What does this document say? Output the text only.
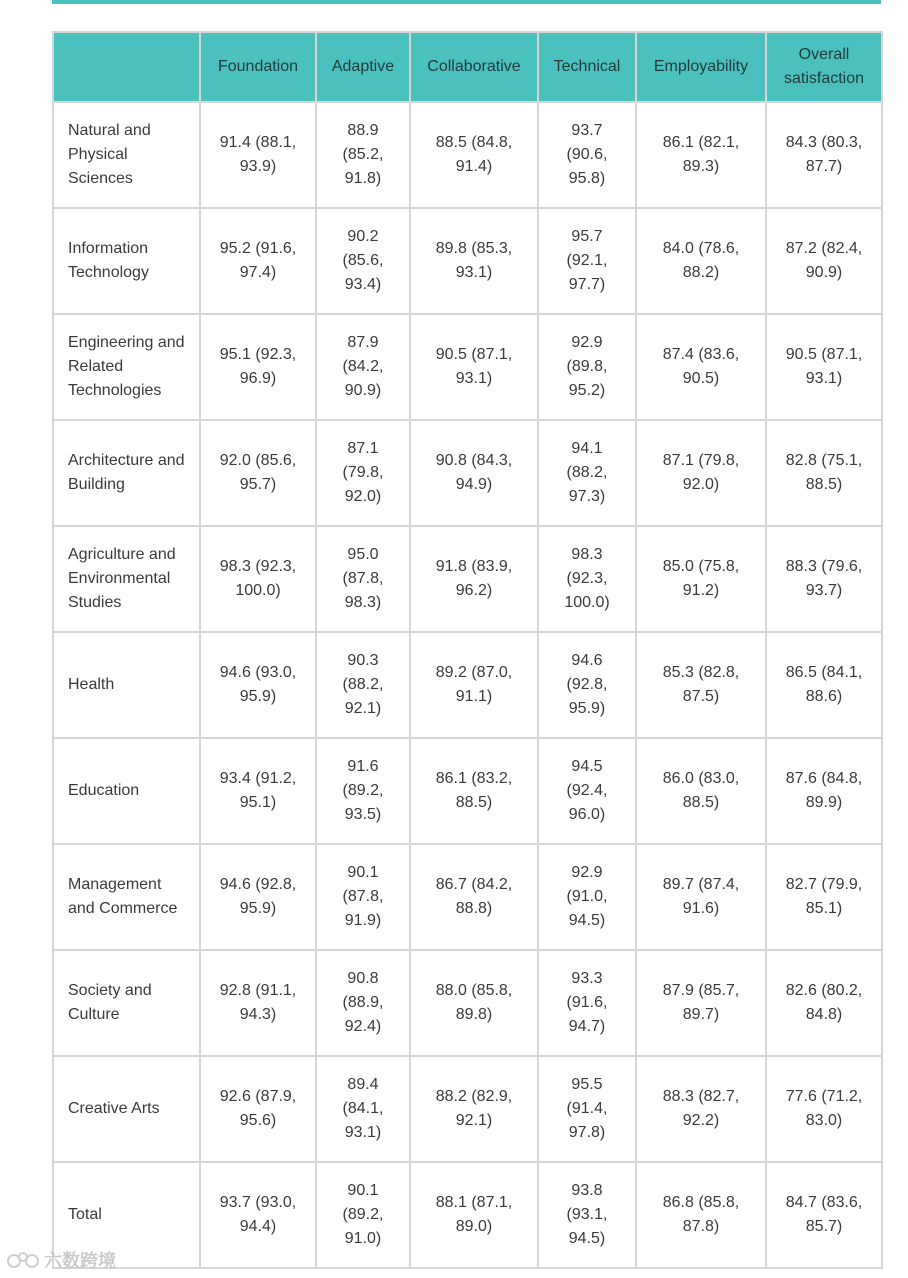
	Foundation	Adaptive	Collaborative	Technical	Employability	Overall satisfaction
Natural and Physical Sciences	91.4 (88.1, 93.9)	88.9 (85.2, 91.8)	88.5 (84.8, 91.4)	93.7 (90.6, 95.8)	86.1 (82.1, 89.3)	84.3 (80.3, 87.7)
Information Technology	95.2 (91.6, 97.4)	90.2 (85.6, 93.4)	89.8 (85.3, 93.1)	95.7 (92.1, 97.7)	84.0 (78.6, 88.2)	87.2 (82.4, 90.9)
Engineering and Related Technologies	95.1 (92.3, 96.9)	87.9 (84.2, 90.9)	90.5 (87.1, 93.1)	92.9 (89.8, 95.2)	87.4 (83.6, 90.5)	90.5 (87.1, 93.1)
Architecture and Building	92.0 (85.6, 95.7)	87.1 (79.8, 92.0)	90.8 (84.3, 94.9)	94.1 (88.2, 97.3)	87.1 (79.8, 92.0)	82.8 (75.1, 88.5)
Agriculture and Environmental Studies	98.3 (92.3, 100.0)	95.0 (87.8, 98.3)	91.8 (83.9, 96.2)	98.3 (92.3, 100.0)	85.0 (75.8, 91.2)	88.3 (79.6, 93.7)
Health	94.6 (93.0, 95.9)	90.3 (88.2, 92.1)	89.2 (87.0, 91.1)	94.6 (92.8, 95.9)	85.3 (82.8, 87.5)	86.5 (84.1, 88.6)
Education	93.4 (91.2, 95.1)	91.6 (89.2, 93.5)	86.1 (83.2, 88.5)	94.5 (92.4, 96.0)	86.0 (83.0, 88.5)	87.6 (84.8, 89.9)
Management and Commerce	94.6 (92.8, 95.9)	90.1 (87.8, 91.9)	86.7 (84.2, 88.8)	92.9 (91.0, 94.5)	89.7 (87.4, 91.6)	82.7 (79.9, 85.1)
Society and Culture	92.8 (91.1, 94.3)	90.8 (88.9, 92.4)	88.0 (85.8, 89.8)	93.3 (91.6, 94.7)	87.9 (85.7, 89.7)	82.6 (80.2, 84.8)
Creative Arts	92.6 (87.9, 95.6)	89.4 (84.1, 93.1)	88.2 (82.9, 92.1)	95.5 (91.4, 97.8)	88.3 (82.7, 92.2)	77.6 (71.2, 83.0)
Total	93.7 (93.0, 94.4)	90.1 (89.2, 91.0)	88.1 (87.1, 89.0)	93.8 (93.1, 94.5)	86.8 (85.8, 87.8)	84.7 (83.6, 85.7)
六数跨境
